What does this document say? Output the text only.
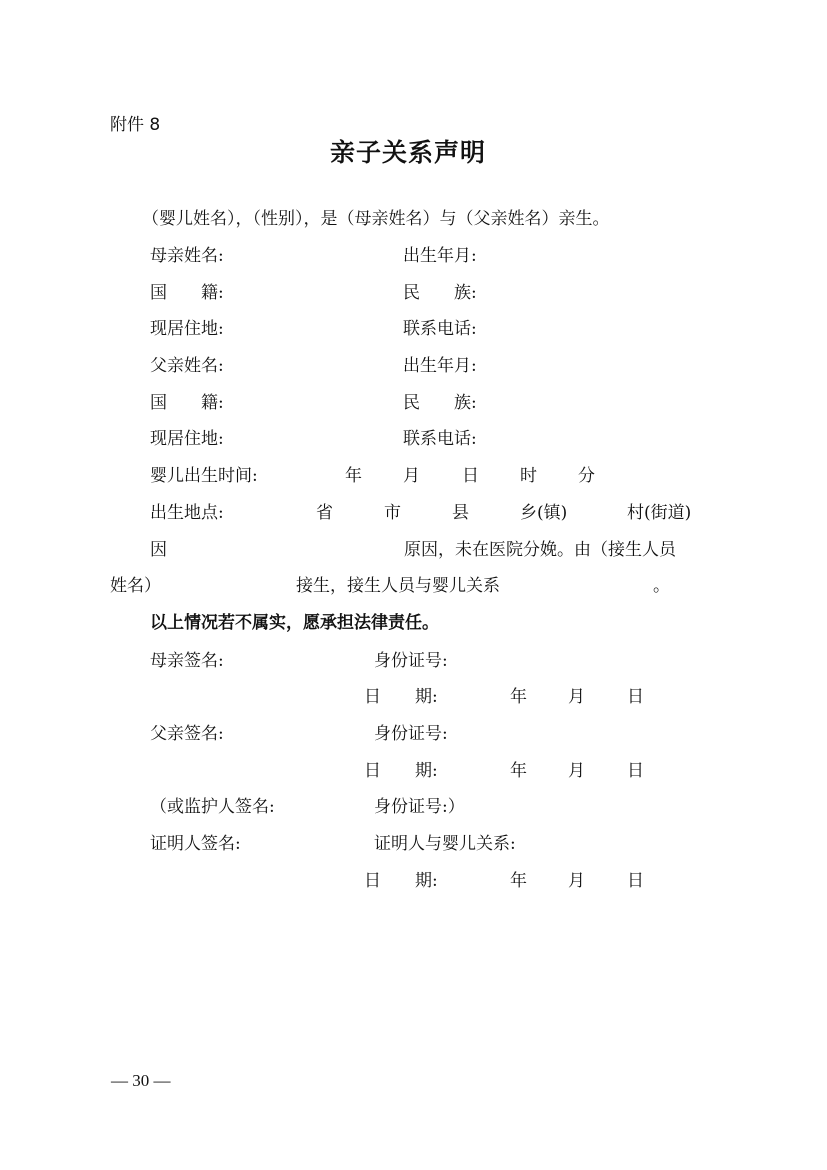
附件 8
亲子关系声明
（婴儿姓名），（性别），是（母亲姓名）与（父亲姓名）亲生。
母亲姓名:	出生年月:
国　　籍:	民　　族:
现居住地:	联系电话:
父亲姓名:	出生年月:
国　　籍:	民　　族:
现居住地:	联系电话:
婴儿出生时间:	年 月 日 时 分
出生地点:	省	市	县	乡(镇)	村(街道)
因	原因，未在医院分娩。由（接生人员
姓名）	接生，接生人员与婴儿关系	。
以上情况若不属实，愿承担法律责任。
母亲签名:	身份证号:
日　　期:	年 月 日
父亲签名:	身份证号:
日　　期:	年 月 日
（或监护人签名:	身份证号:）
证明人签名:	证明人与婴儿关系:
日　　期:	年 月 日
— 30 —
